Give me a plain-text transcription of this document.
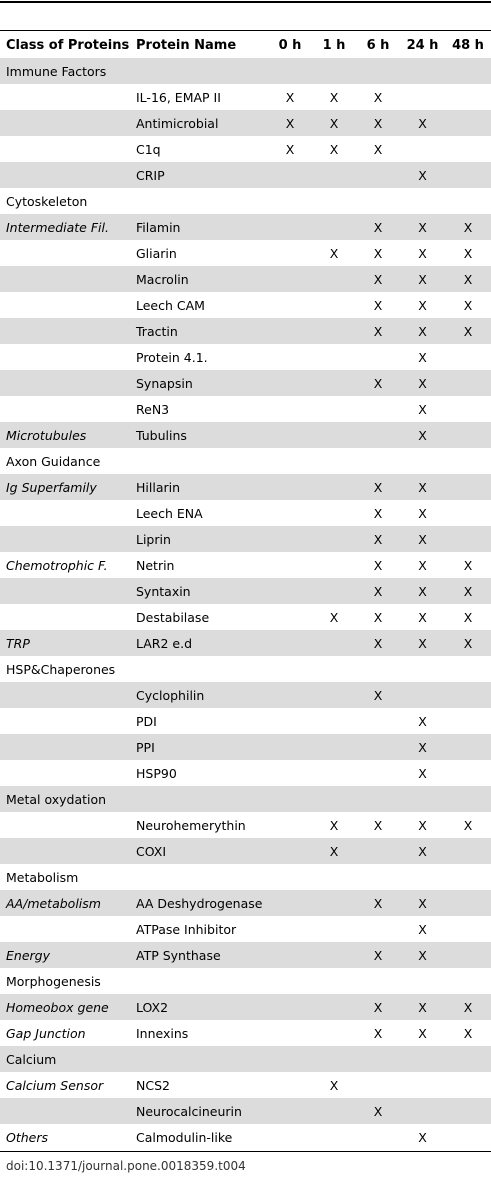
Class of Proteins	Protein Name	0 h	1 h	6 h	24 h	48 h
Immune Factors						
	IL-16, EMAP II	X	X	X		
	Antimicrobial	X	X	X	X	
	C1q	X	X	X		
	CRIP				X	
Cytoskeleton						
Intermediate Fil.	Filamin			X	X	X
	Gliarin		X	X	X	X
	Macrolin			X	X	X
	Leech CAM			X	X	X
	Tractin			X	X	X
	Protein 4.1.				X	
	Synapsin			X	X	
	ReN3				X	
Microtubules	Tubulins				X	
Axon Guidance						
Ig Superfamily	Hillarin			X	X	
	Leech ENA			X	X	
	Liprin			X	X	
Chemotrophic F.	Netrin			X	X	X
	Syntaxin			X	X	X
	Destabilase		X	X	X	X
TRP	LAR2 e.d			X	X	X
HSP&Chaperones						
	Cyclophilin			X		
	PDI				X	
	PPI				X	
	HSP90				X	
Metal oxydation						
	Neurohemerythin		X	X	X	X
	COXI		X		X	
Metabolism						
AA/metabolism	AA Deshydrogenase			X	X	
	ATPase Inhibitor				X	
Energy	ATP Synthase			X	X	
Morphogenesis						
Homeobox gene	LOX2			X	X	X
Gap Junction	Innexins			X	X	X
Calcium						
Calcium Sensor	NCS2		X			
	Neurocalcineurin			X		
Others	Calmodulin-like				X	
doi:10.1371/journal.pone.0018359.t004
